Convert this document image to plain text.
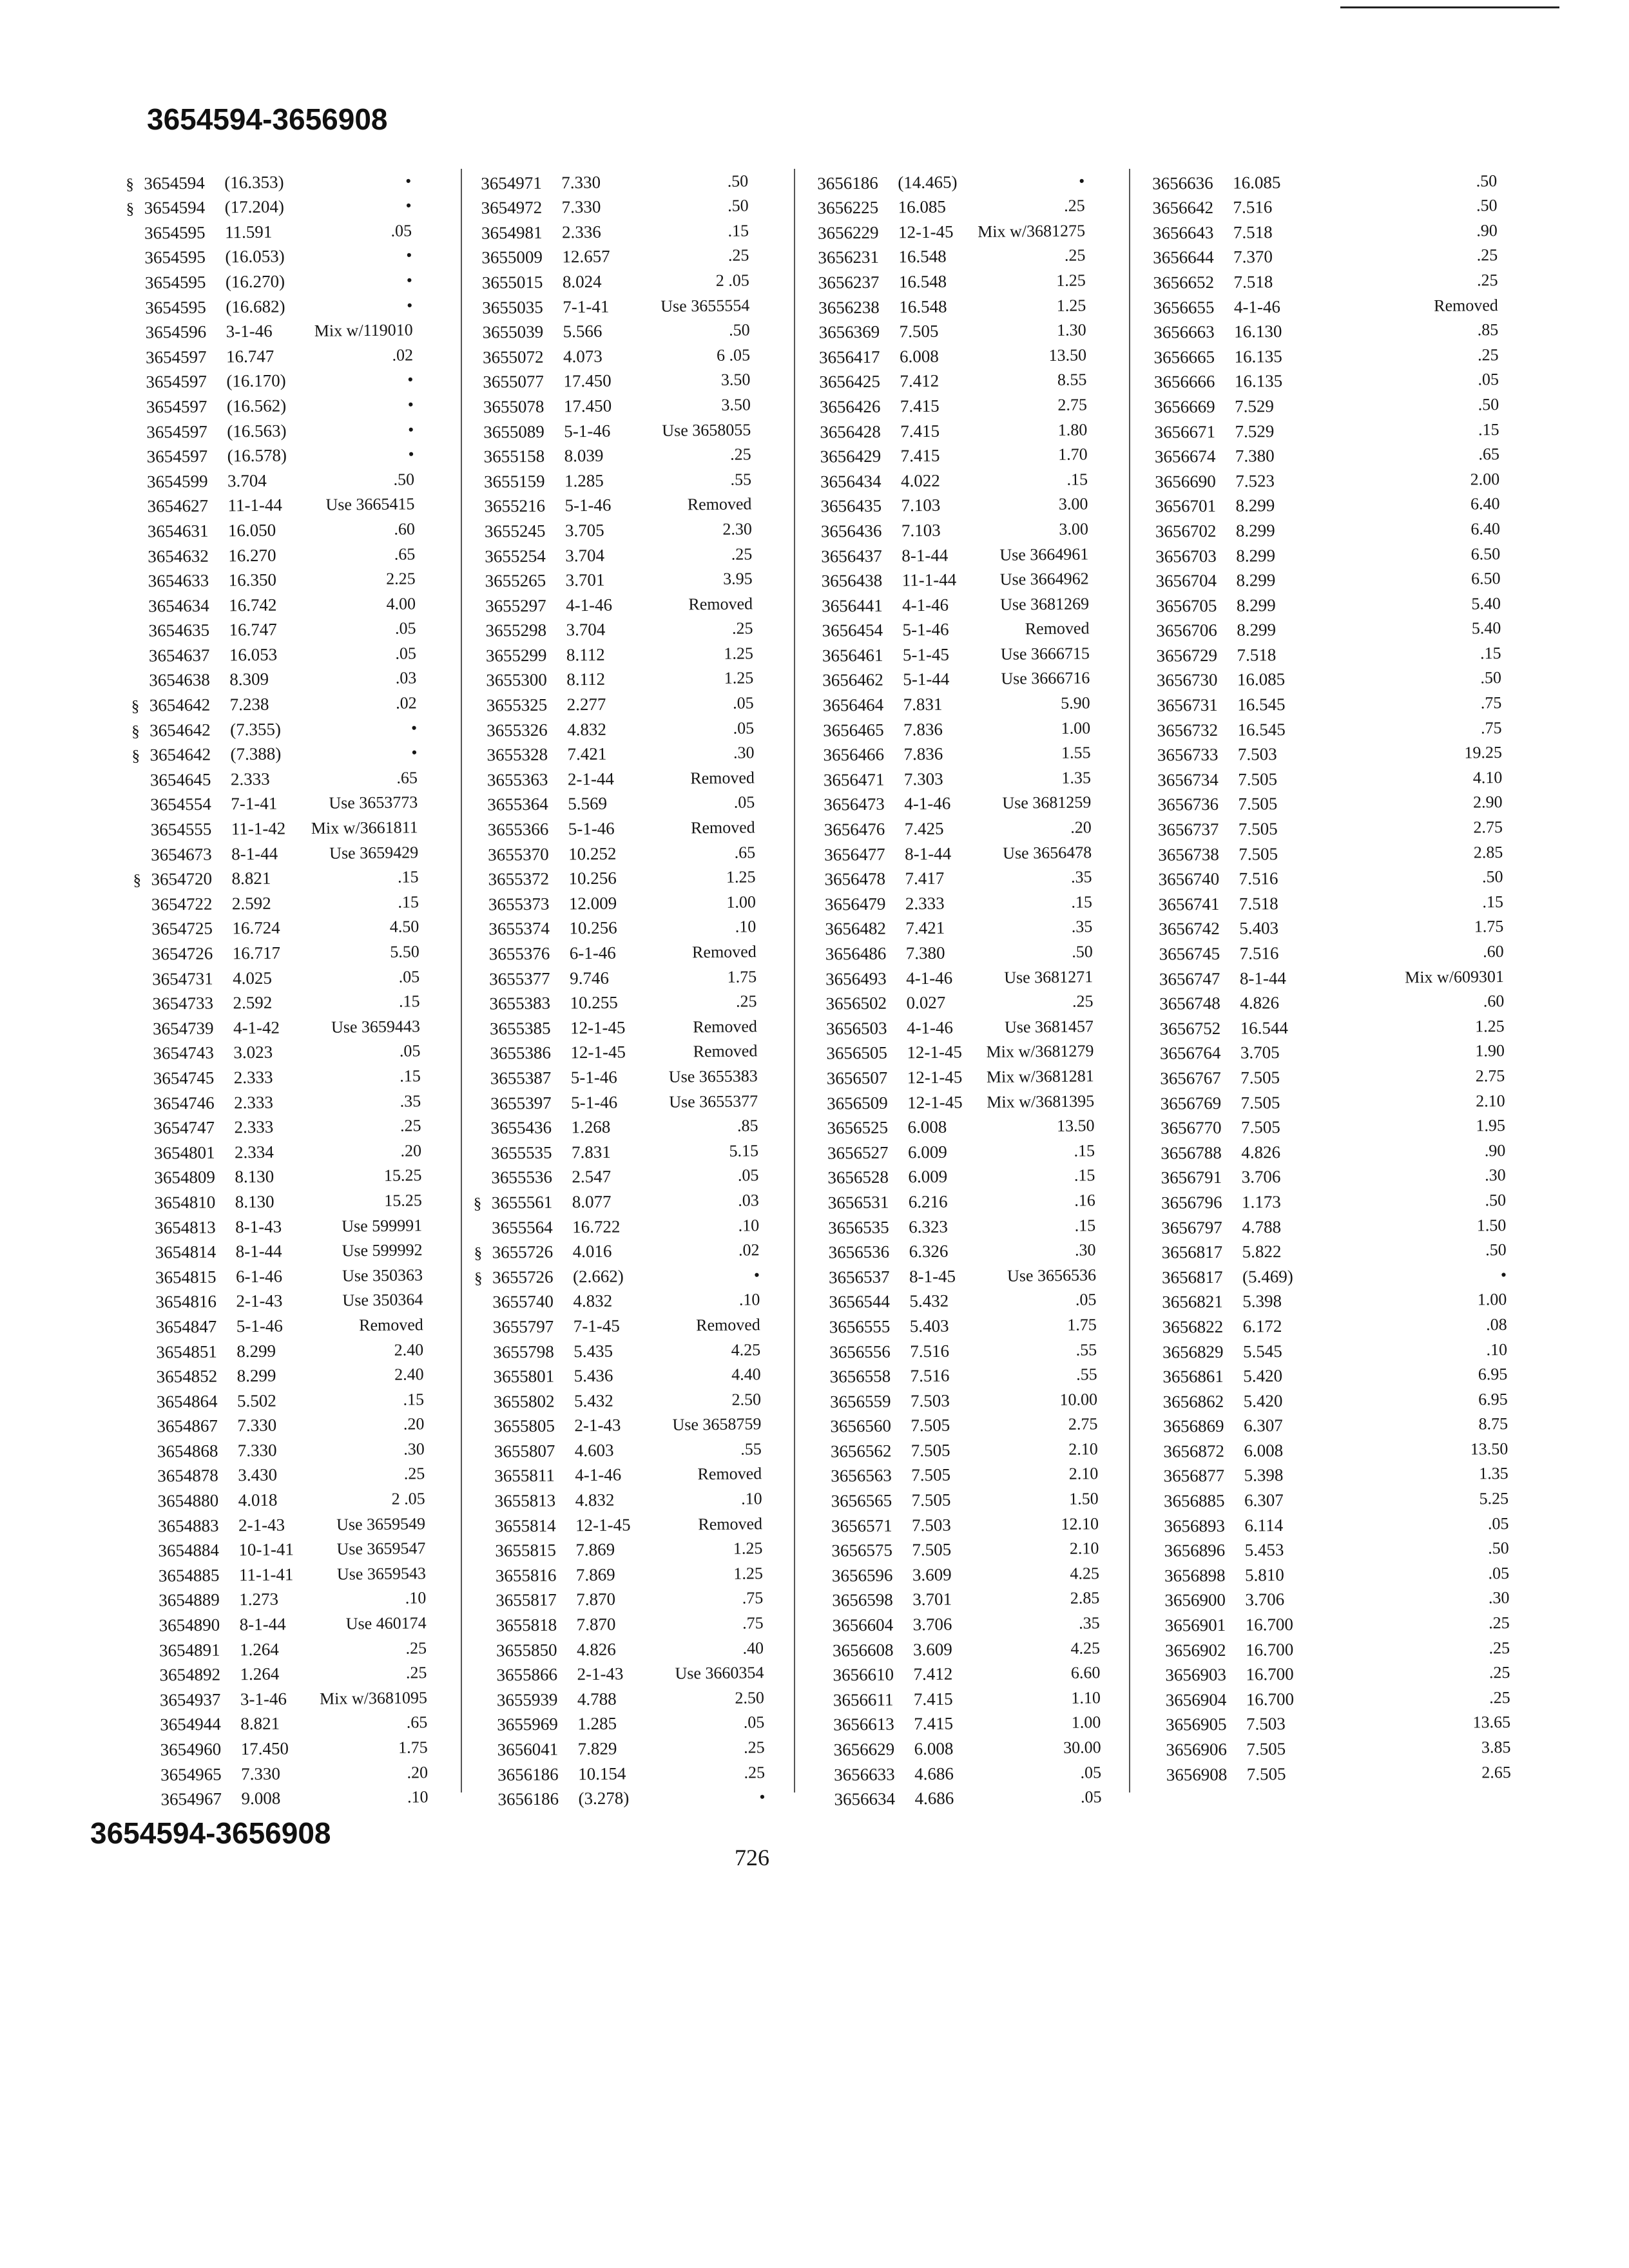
3654594-3656908
§ 3654594	(16.353)	•
§ 3654594	(17.204)	•
3654595	11.591	.05
3654595	(16.053)	•
3654595	(16.270)	•
3654595	(16.682)	•
3654596	3-1-46	Mix w/119010
3654597	16.747	.02
3654597	(16.170)	•
3654597	(16.562)	•
3654597	(16.563)	•
3654597	(16.578)	•
3654599	3.704	.50
3654627	11-1-44	Use 3665415
3654631	16.050	.60
3654632	16.270	.65
3654633	16.350	2.25
3654634	16.742	4.00
3654635	16.747	.05
3654637	16.053	.05
3654638	8.309	.03
§ 3654642	7.238	.02
§ 3654642	(7.355)	•
§ 3654642	(7.388)	•
3654645	2.333	.65
3654554	7-1-41	Use 3653773
3654555	11-1-42	Mix w/3661811
3654673	8-1-44	Use 3659429
§ 3654720	8.821	.15
3654722	2.592	.15
3654725	16.724	4.50
3654726	16.717	5.50
3654731	4.025	.05
3654733	2.592	.15
3654739	4-1-42	Use 3659443
3654743	3.023	.05
3654745	2.333	.15
3654746	2.333	.35
3654747	2.333	.25
3654801	2.334	.20
3654809	8.130	15.25
3654810	8.130	15.25
3654813	8-1-43	Use 599991
3654814	8-1-44	Use 599992
3654815	6-1-46	Use 350363
3654816	2-1-43	Use 350364
3654847	5-1-46	Removed
3654851	8.299	2.40
3654852	8.299	2.40
3654864	5.502	.15
3654867	7.330	.20
3654868	7.330	.30
3654878	3.430	.25
3654880	4.018	2 .05
3654883	2-1-43	Use 3659549
3654884	10-1-41	Use 3659547
3654885	11-1-41	Use 3659543
3654889	1.273	.10
3654890	8-1-44	Use 460174
3654891	1.264	.25
3654892	1.264	.25
3654937	3-1-46	Mix w/3681095
3654944	8.821	.65
3654960	17.450	1.75
3654965	7.330	.20
3654967	9.008	.10
3654971	7.330	.50
3654972	7.330	.50
3654981	2.336	.15
3655009	12.657	.25
3655015	8.024	2 .05
3655035	7-1-41	Use 3655554
3655039	5.566	.50
3655072	4.073	6 .05
3655077	17.450	3.50
3655078	17.450	3.50
3655089	5-1-46	Use 3658055
3655158	8.039	.25
3655159	1.285	.55
3655216	5-1-46	Removed
3655245	3.705	2.30
3655254	3.704	.25
3655265	3.701	3.95
3655297	4-1-46	Removed
3655298	3.704	.25
3655299	8.112	1.25
3655300	8.112	1.25
3655325	2.277	.05
3655326	4.832	.05
3655328	7.421	.30
3655363	2-1-44	Removed
3655364	5.569	.05
3655366	5-1-46	Removed
3655370	10.252	.65
3655372	10.256	1.25
3655373	12.009	1.00
3655374	10.256	.10
3655376	6-1-46	Removed
3655377	9.746	1.75
3655383	10.255	.25
3655385	12-1-45	Removed
3655386	12-1-45	Removed
3655387	5-1-46	Use 3655383
3655397	5-1-46	Use 3655377
3655436	1.268	.85
3655535	7.831	5.15
3655536	2.547	.05
§ 3655561	8.077	.03
3655564	16.722	.10
§ 3655726	4.016	.02
§ 3655726	(2.662)	•
3655740	4.832	.10
3655797	7-1-45	Removed
3655798	5.435	4.25
3655801	5.436	4.40
3655802	5.432	2.50
3655805	2-1-43	Use 3658759
3655807	4.603	.55
3655811	4-1-46	Removed
3655813	4.832	.10
3655814	12-1-45	Removed
3655815	7.869	1.25
3655816	7.869	1.25
3655817	7.870	.75
3655818	7.870	.75
3655850	4.826	.40
3655866	2-1-43	Use 3660354
3655939	4.788	2.50
3655969	1.285	.05
3656041	7.829	.25
3656186	10.154	.25
3656186	(3.278)	•
3656186	(14.465)	•
3656225	16.085	.25
3656229	12-1-45	Mix w/3681275
3656231	16.548	.25
3656237	16.548	1.25
3656238	16.548	1.25
3656369	7.505	1.30
3656417	6.008	13.50
3656425	7.412	8.55
3656426	7.415	2.75
3656428	7.415	1.80
3656429	7.415	1.70
3656434	4.022	.15
3656435	7.103	3.00
3656436	7.103	3.00
3656437	8-1-44	Use 3664961
3656438	11-1-44	Use 3664962
3656441	4-1-46	Use 3681269
3656454	5-1-46	Removed
3656461	5-1-45	Use 3666715
3656462	5-1-44	Use 3666716
3656464	7.831	5.90
3656465	7.836	1.00
3656466	7.836	1.55
3656471	7.303	1.35
3656473	4-1-46	Use 3681259
3656476	7.425	.20
3656477	8-1-44	Use 3656478
3656478	7.417	.35
3656479	2.333	.15
3656482	7.421	.35
3656486	7.380	.50
3656493	4-1-46	Use 3681271
3656502	0.027	.25
3656503	4-1-46	Use 3681457
3656505	12-1-45	Mix w/3681279
3656507	12-1-45	Mix w/3681281
3656509	12-1-45	Mix w/3681395
3656525	6.008	13.50
3656527	6.009	.15
3656528	6.009	.15
3656531	6.216	.16
3656535	6.323	.15
3656536	6.326	.30
3656537	8-1-45	Use 3656536
3656544	5.432	.05
3656555	5.403	1.75
3656556	7.516	.55
3656558	7.516	.55
3656559	7.503	10.00
3656560	7.505	2.75
3656562	7.505	2.10
3656563	7.505	2.10
3656565	7.505	1.50
3656571	7.503	12.10
3656575	7.505	2.10
3656596	3.609	4.25
3656598	3.701	2.85
3656604	3.706	.35
3656608	3.609	4.25
3656610	7.412	6.60
3656611	7.415	1.10
3656613	7.415	1.00
3656629	6.008	30.00
3656633	4.686	.05
3656634	4.686	.05
3656636	16.085	.50
3656642	7.516	.50
3656643	7.518	.90
3656644	7.370	.25
3656652	7.518	.25
3656655	4-1-46	Removed
3656663	16.130	.85
3656665	16.135	.25
3656666	16.135	.05
3656669	7.529	.50
3656671	7.529	.15
3656674	7.380	.65
3656690	7.523	2.00
3656701	8.299	6.40
3656702	8.299	6.40
3656703	8.299	6.50
3656704	8.299	6.50
3656705	8.299	5.40
3656706	8.299	5.40
3656729	7.518	.15
3656730	16.085	.50
3656731	16.545	.75
3656732	16.545	.75
3656733	7.503	19.25
3656734	7.505	4.10
3656736	7.505	2.90
3656737	7.505	2.75
3656738	7.505	2.85
3656740	7.516	.50
3656741	7.518	.15
3656742	5.403	1.75
3656745	7.516	.60
3656747	8-1-44	Mix w/609301
3656748	4.826	.60
3656752	16.544	1.25
3656764	3.705	1.90
3656767	7.505	2.75
3656769	7.505	2.10
3656770	7.505	1.95
3656788	4.826	.90
3656791	3.706	.30
3656796	1.173	.50
3656797	4.788	1.50
3656817	5.822	.50
3656817	(5.469)	•
3656821	5.398	1.00
3656822	6.172	.08
3656829	5.545	.10
3656861	5.420	6.95
3656862	5.420	6.95
3656869	6.307	8.75
3656872	6.008	13.50
3656877	5.398	1.35
3656885	6.307	5.25
3656893	6.114	.05
3656896	5.453	.50
3656898	5.810	.05
3656900	3.706	.30
3656901	16.700	.25
3656902	16.700	.25
3656903	16.700	.25
3656904	16.700	.25
3656905	7.503	13.65
3656906	7.505	3.85
3656908	7.505	2.65
3654594-3656908
726
